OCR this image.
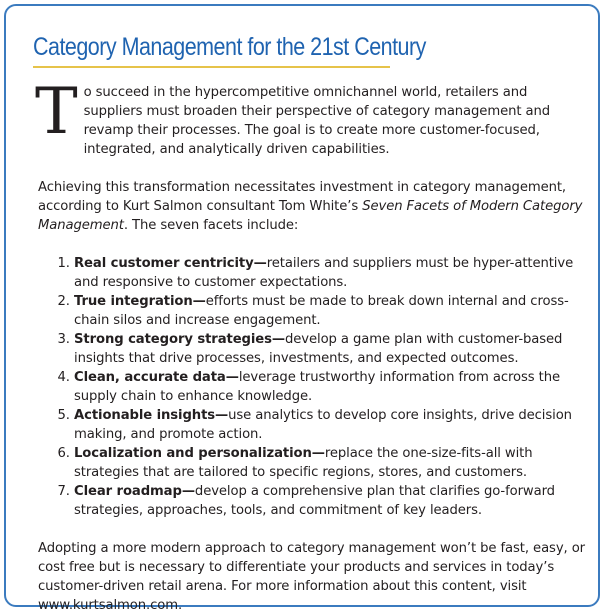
Category Management for the 21st Century

To succeed in the hypercompetitive omnichannel world, retailers and suppliers must broaden their perspective of category management and revamp their processes. The goal is to create more customer-focused, integrated, and analytically driven capabilities.

Achieving this transformation necessitates investment in category management, according to Kurt Salmon consultant Tom White’s Seven Facets of Modern Category Management. The seven facets include:

1. Real customer centricity—retailers and suppliers must be hyper-attentive and responsive to customer expectations.
2. True integration—efforts must be made to break down internal and cross-chain silos and increase engagement.
3. Strong category strategies—develop a game plan with customer-based insights that drive processes, investments, and expected outcomes.
4. Clean, accurate data—leverage trustworthy information from across the supply chain to enhance knowledge.
5. Actionable insights—use analytics to develop core insights, drive decision making, and promote action.
6. Localization and personalization—replace the one-size-fits-all with strategies that are tailored to specific regions, stores, and customers.
7. Clear roadmap—develop a comprehensive plan that clarifies go-forward strategies, approaches, tools, and commitment of key leaders.

Adopting a more modern approach to category management won’t be fast, easy, or cost free but is necessary to differentiate your products and services in today’s customer-driven retail arena. For more information about this content, visit www.kurtsalmon.com.
